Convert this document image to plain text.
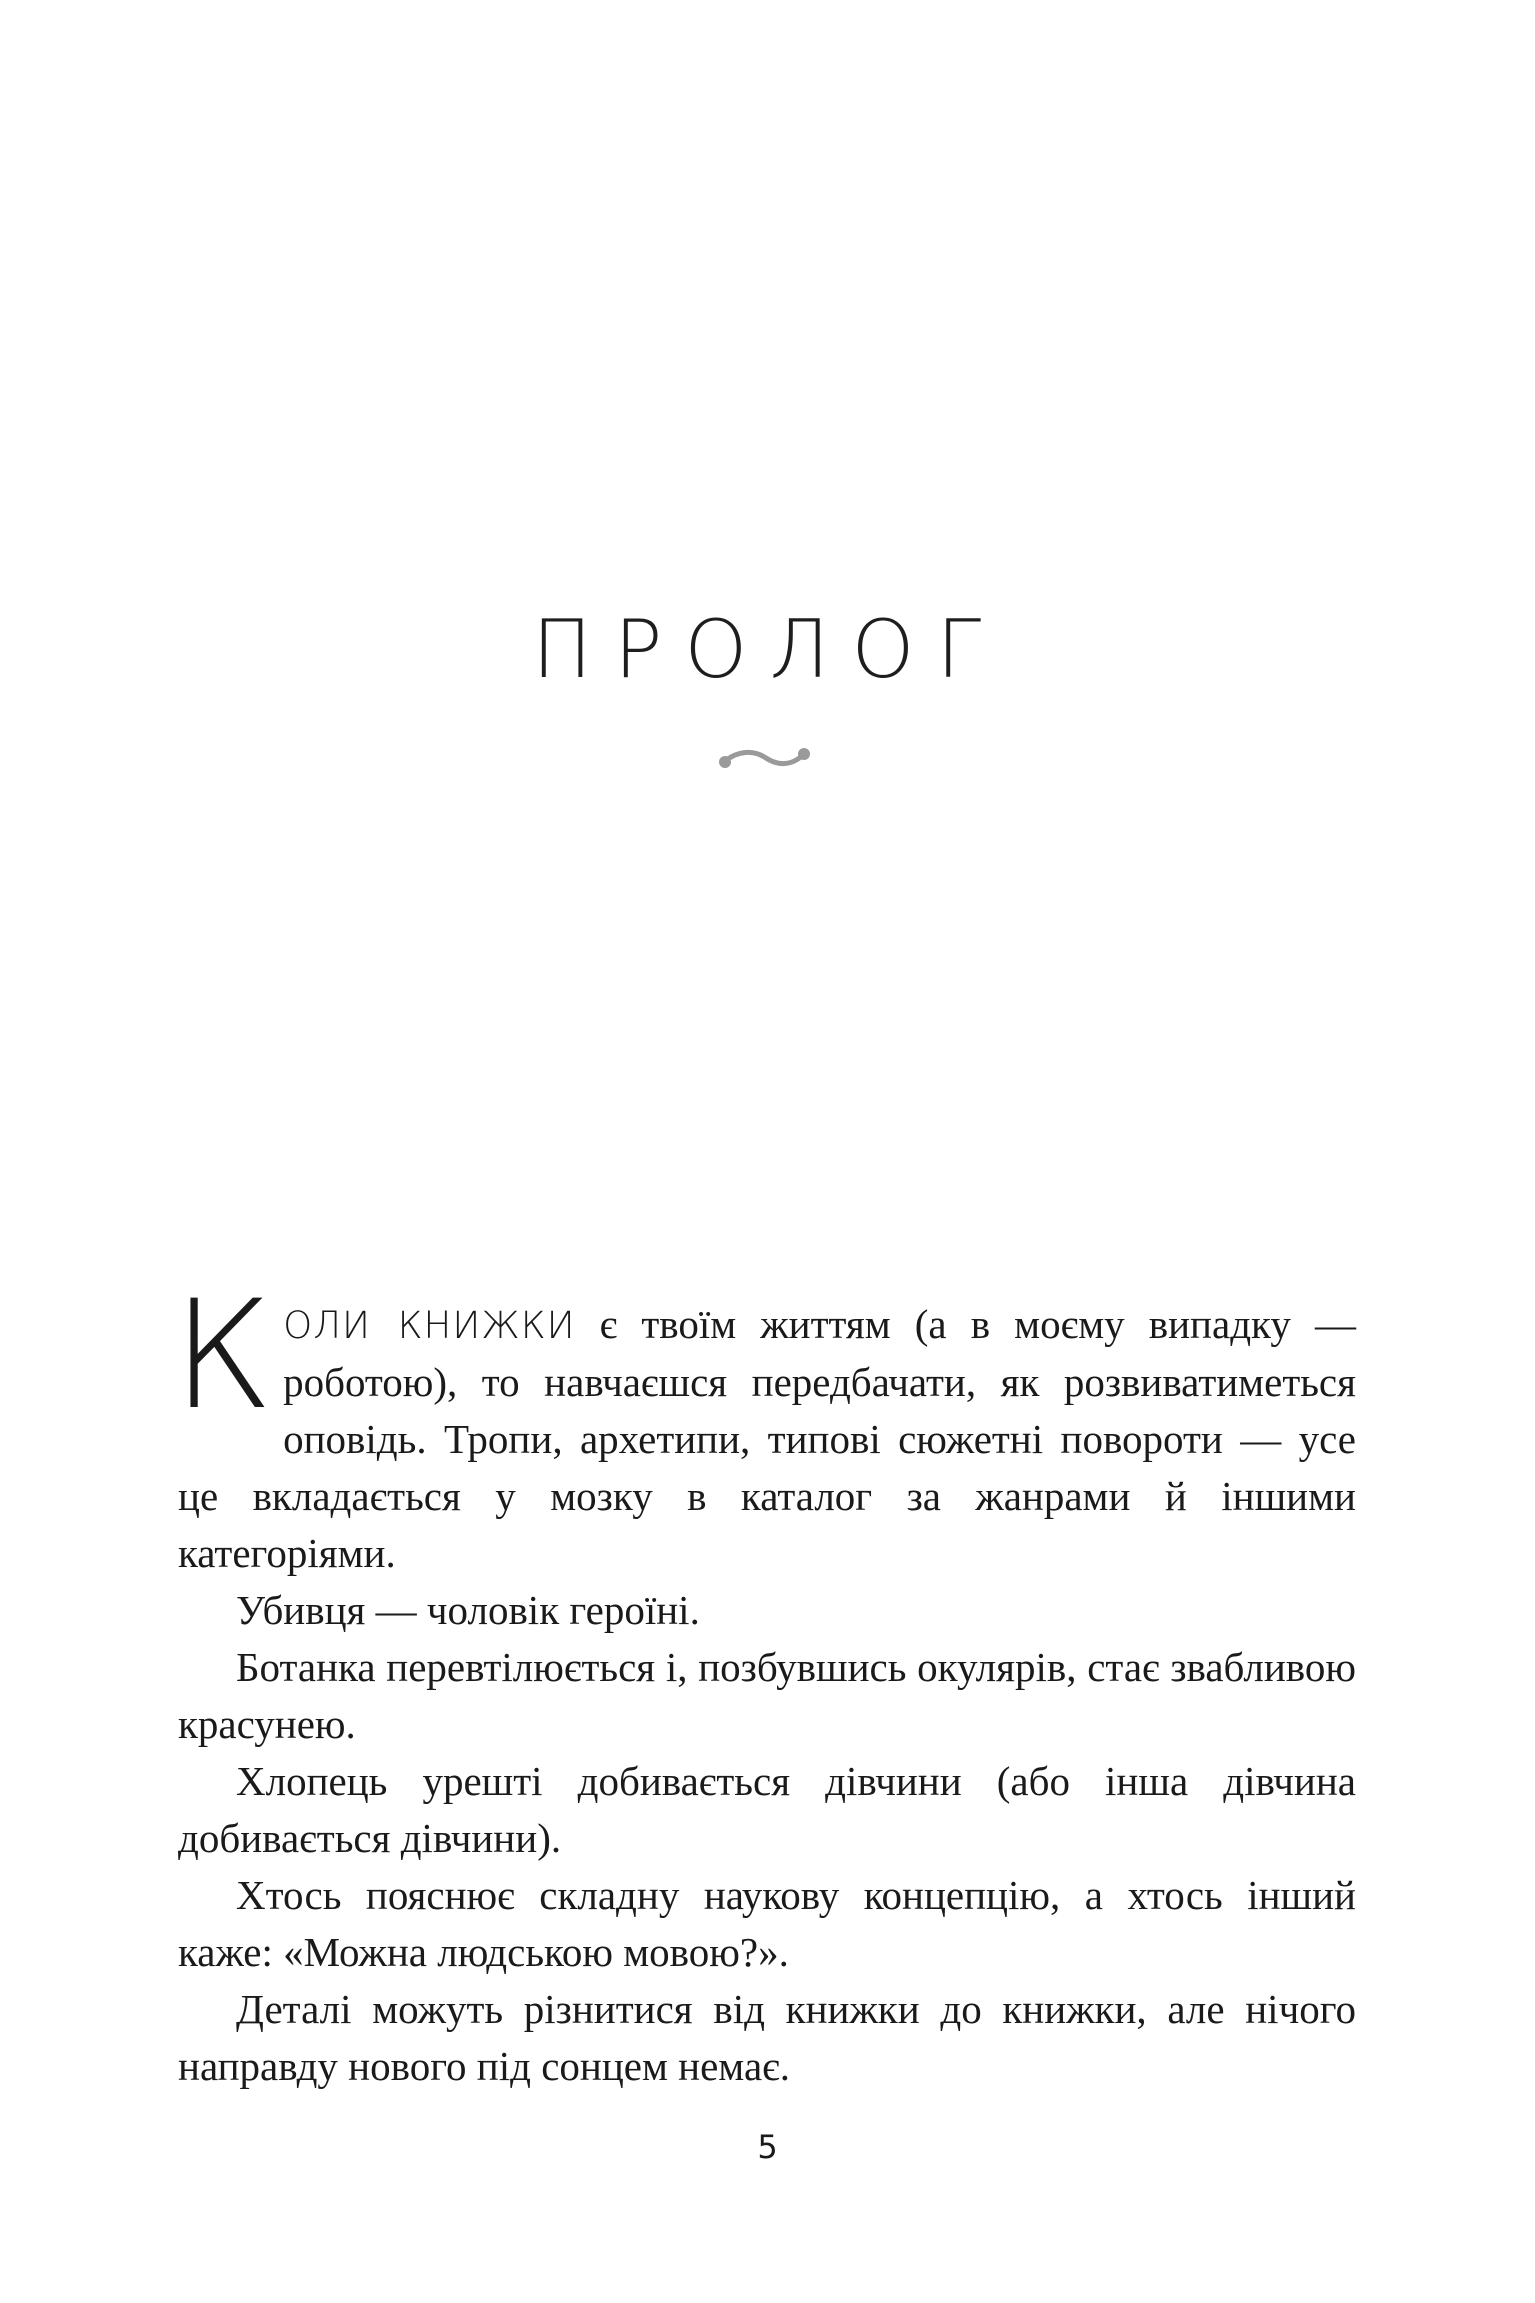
ПРОЛОГ

КОЛИ КНИЖКИ є твоїм життям (а в моєму випадку — роботою), то навчаєшся передбачати, як розвиватиметься оповідь. Тропи, архетипи, типові сюжетні повороти — усе це вкладається у мозку в каталог за жанрами й іншими категоріями.

Убивця — чоловік героїні.

Ботанка перевтілюється і, позбувшись окулярів, стає звабливою красунею.

Хлопець урешті добивається дівчини (або інша дівчина добивається дівчини).

Хтось пояснює складну наукову концепцію, а хтось інший каже: «Можна людською мовою?».

Деталі можуть різнитися від книжки до книжки, але нічого направду нового під сонцем немає.

5
